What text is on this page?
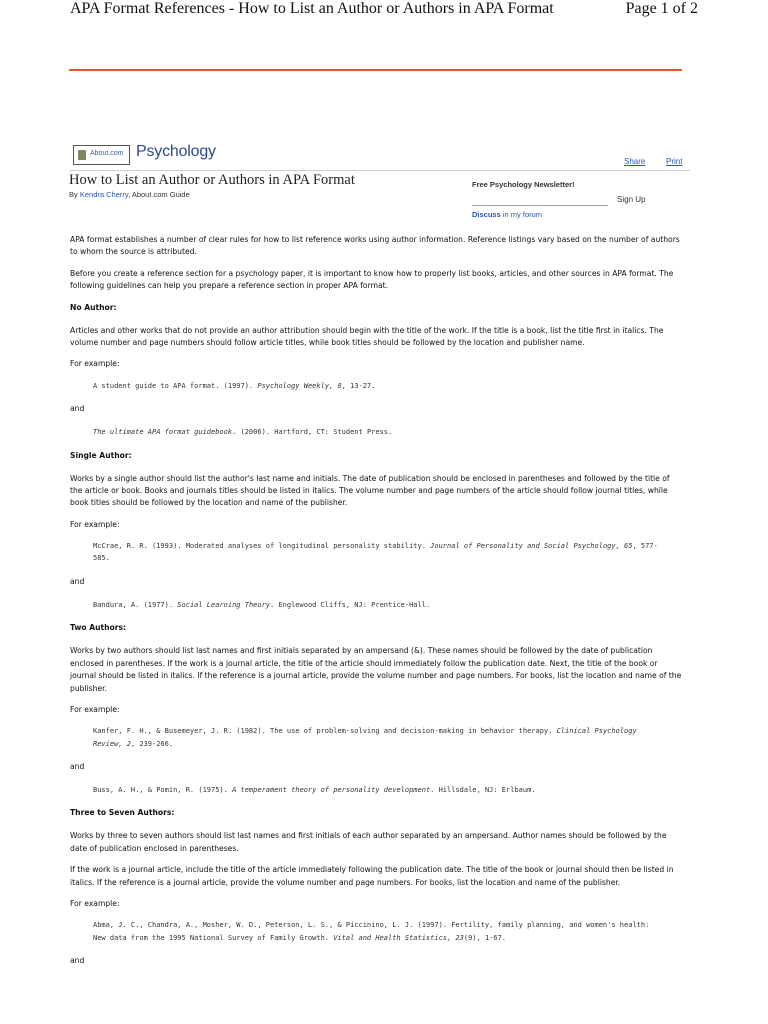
APA Format References - How to List an Author or Authors in APA Format	Page 1 of 2
About.com Psychology
Share	Print
How to List an Author or Authors in APA Format
By Kendra Cherry, About.com Guide
Free Psychology Newsletter!
Sign Up
Discuss in my forum

APA format establishes a number of clear rules for how to list reference works using author information. Reference listings vary based on the number of authors to whom the source is attributed.

Before you create a reference section for a psychology paper, it is important to know how to properly list books, articles, and other sources in APA format. The following guidelines can help you prepare a reference section in proper APA format.

No Author:

Articles and other works that do not provide an author attribution should begin with the title of the work. If the title is a book, list the title first in italics. The volume number and page numbers should follow article titles, while book titles should be followed by the location and publisher name.

For example:

A student guide to APA format. (1997). Psychology Weekly, 8, 13-27.

and

The ultimate APA format guidebook. (2006). Hartford, CT: Student Press.
Single Author:

Works by a single author should list the author's last name and initials. The date of publication should be enclosed in parentheses and followed by the title of the article or book. Books and journals titles should be listed in italics. The volume number and page numbers of the article should follow journal titles, while book titles should be followed by the location and name of the publisher.

For example:

McCrae, R. R. (1993). Moderated analyses of longitudinal personality stability. Journal of Personality and Social Psychology, 65, 577-585.

and

Bandura, A. (1977). Social Learning Theory. Englewood Cliffs, NJ: Prentice-Hall.
Two Authors:

Works by two authors should list last names and first initials separated by an ampersand (&). These names should be followed by the date of publication enclosed in parentheses. If the work is a journal article, the title of the article should immediately follow the publication date. Next, the title of the book or journal should be listed in italics. If the reference is a journal article, provide the volume number and page numbers. For books, list the location and name of the publisher.

For example:

Kanfer, F. H., & Busemeyer, J. R. (1982). The use of problem-solving and decision-making in behavior therapy. Clinical Psychology Review, 2, 239-266.

and

Buss, A. H., & Pomin, R. (1975). A temperament theory of personality development. Hillsdale, NJ: Erlbaum.
Three to Seven Authors:

Works by three to seven authors should list last names and first initials of each author separated by an ampersand. Author names should be followed by the date of publication enclosed in parentheses.

If the work is a journal article, include the title of the article immediately following the publication date. The title of the book or journal should then be listed in italics. If the reference is a journal article, provide the volume number and page numbers. For books, list the location and name of the publisher.

For example:

Abma, J. C., Chandra, A., Mosher, W. D., Peterson, L. S., & Piccinino, L. J. (1997). Fertility, family planning, and women's health: New data from the 1995 National Survey of Family Growth. Vital and Health Statistics, 23(9), 1-67.

and
